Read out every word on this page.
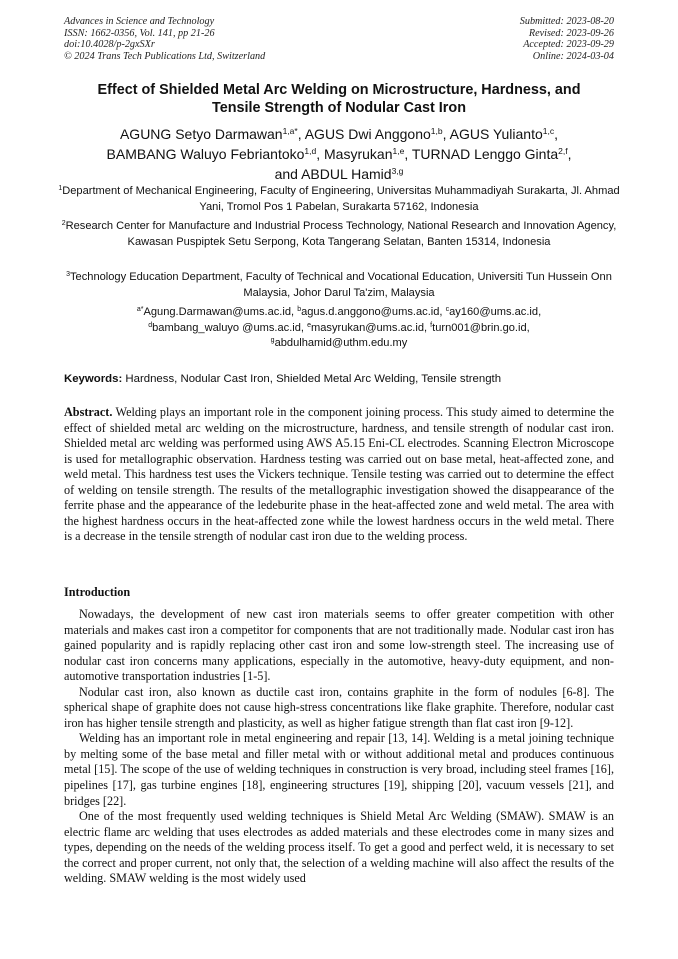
Advances in Science and Technology
ISSN: 1662-0356, Vol. 141, pp 21-26
doi:10.4028/p-2gxSXr
© 2024 Trans Tech Publications Ltd, Switzerland
Submitted: 2023-08-20
Revised: 2023-09-26
Accepted: 2023-09-29
Online: 2024-03-04
Effect of Shielded Metal Arc Welding on Microstructure, Hardness, and
Tensile Strength of Nodular Cast Iron
AGUNG Setyo Darmawan$^{1,a*}$, AGUS Dwi Anggono$^{1,b}$, AGUS Yulianto$^{1,c}$,
BAMBANG Waluyo Febriantoko$^{1,d}$, Masyrukan$^{1,e}$, TURNAD Lenggo Ginta$^{2,f}$,
and ABDUL Hamid$^{3,g}$
$^1$Department of Mechanical Engineering, Faculty of Engineering, Universitas Muhammadiyah Surakarta, Jl. Ahmad Yani, Tromol Pos 1 Pabelan, Surakarta 57162, Indonesia
$^2$Research Center for Manufacture and Industrial Process Technology, National Research and Innovation Agency, Kawasan Puspiptek Setu Serpong, Kota Tangerang Selatan, Banten 15314, Indonesia
$^3$Technology Education Department, Faculty of Technical and Vocational Education, Universiti Tun Hussein Onn Malaysia, Johor Darul Ta'zim, Malaysia
$^{a*}$Agung.Darmawan@ums.ac.id, $^b$agus.d.anggono@ums.ac.id, $^c$ay160@ums.ac.id,
$^d$bambang_waluyo @ums.ac.id, $^e$masyrukan@ums.ac.id, $^f$turn001@brin.go.id,
$^g$abdulhamid@uthm.edu.my
Keywords: Hardness, Nodular Cast Iron, Shielded Metal Arc Welding, Tensile strength
Abstract. Welding plays an important role in the component joining process. This study aimed to determine the effect of shielded metal arc welding on the microstructure, hardness, and tensile strength of nodular cast iron. Shielded metal arc welding was performed using AWS A5.15 Eni-CL electrodes. Scanning Electron Microscope is used for metallographic observation. Hardness testing was carried out on base metal, heat-affected zone, and weld metal. This hardness test uses the Vickers technique. Tensile testing was carried out to determine the effect of welding on tensile strength. The results of the metallographic investigation showed the disappearance of the ferrite phase and the appearance of the ledeburite phase in the heat-affected zone and weld metal. The area with the highest hardness occurs in the heat-affected zone while the lowest hardness occurs in the weld metal. There is a decrease in the tensile strength of nodular cast iron due to the welding process.
Introduction

Nowadays, the development of new cast iron materials seems to offer greater competition with other materials and makes cast iron a competitor for components that are not traditionally made. Nodular cast iron has gained popularity and is rapidly replacing other cast iron and some low-strength steel. The increasing use of nodular cast iron concerns many applications, especially in the automotive, heavy-duty equipment, and non-automotive transportation industries [1-5].

Nodular cast iron, also known as ductile cast iron, contains graphite in the form of nodules [6-8]. The spherical shape of graphite does not cause high-stress concentrations like flake graphite. Therefore, nodular cast iron has higher tensile strength and plasticity, as well as higher fatigue strength than flat cast iron [9-12].

Welding has an important role in metal engineering and repair [13, 14]. Welding is a metal joining technique by melting some of the base metal and filler metal with or without additional metal and produces continuous metal [15]. The scope of the use of welding techniques in construction is very broad, including steel frames [16], pipelines [17], gas turbine engines [18], engineering structures [19], shipping [20], vacuum vessels [21], and bridges [22].

One of the most frequently used welding techniques is Shield Metal Arc Welding (SMAW). SMAW is an electric flame arc welding that uses electrodes as added materials and these electrodes come in many sizes and types, depending on the needs of the welding process itself. To get a good and perfect weld, it is necessary to set the correct and proper current, not only that, the selection of a welding machine will also affect the results of the welding. SMAW welding is the most widely used
